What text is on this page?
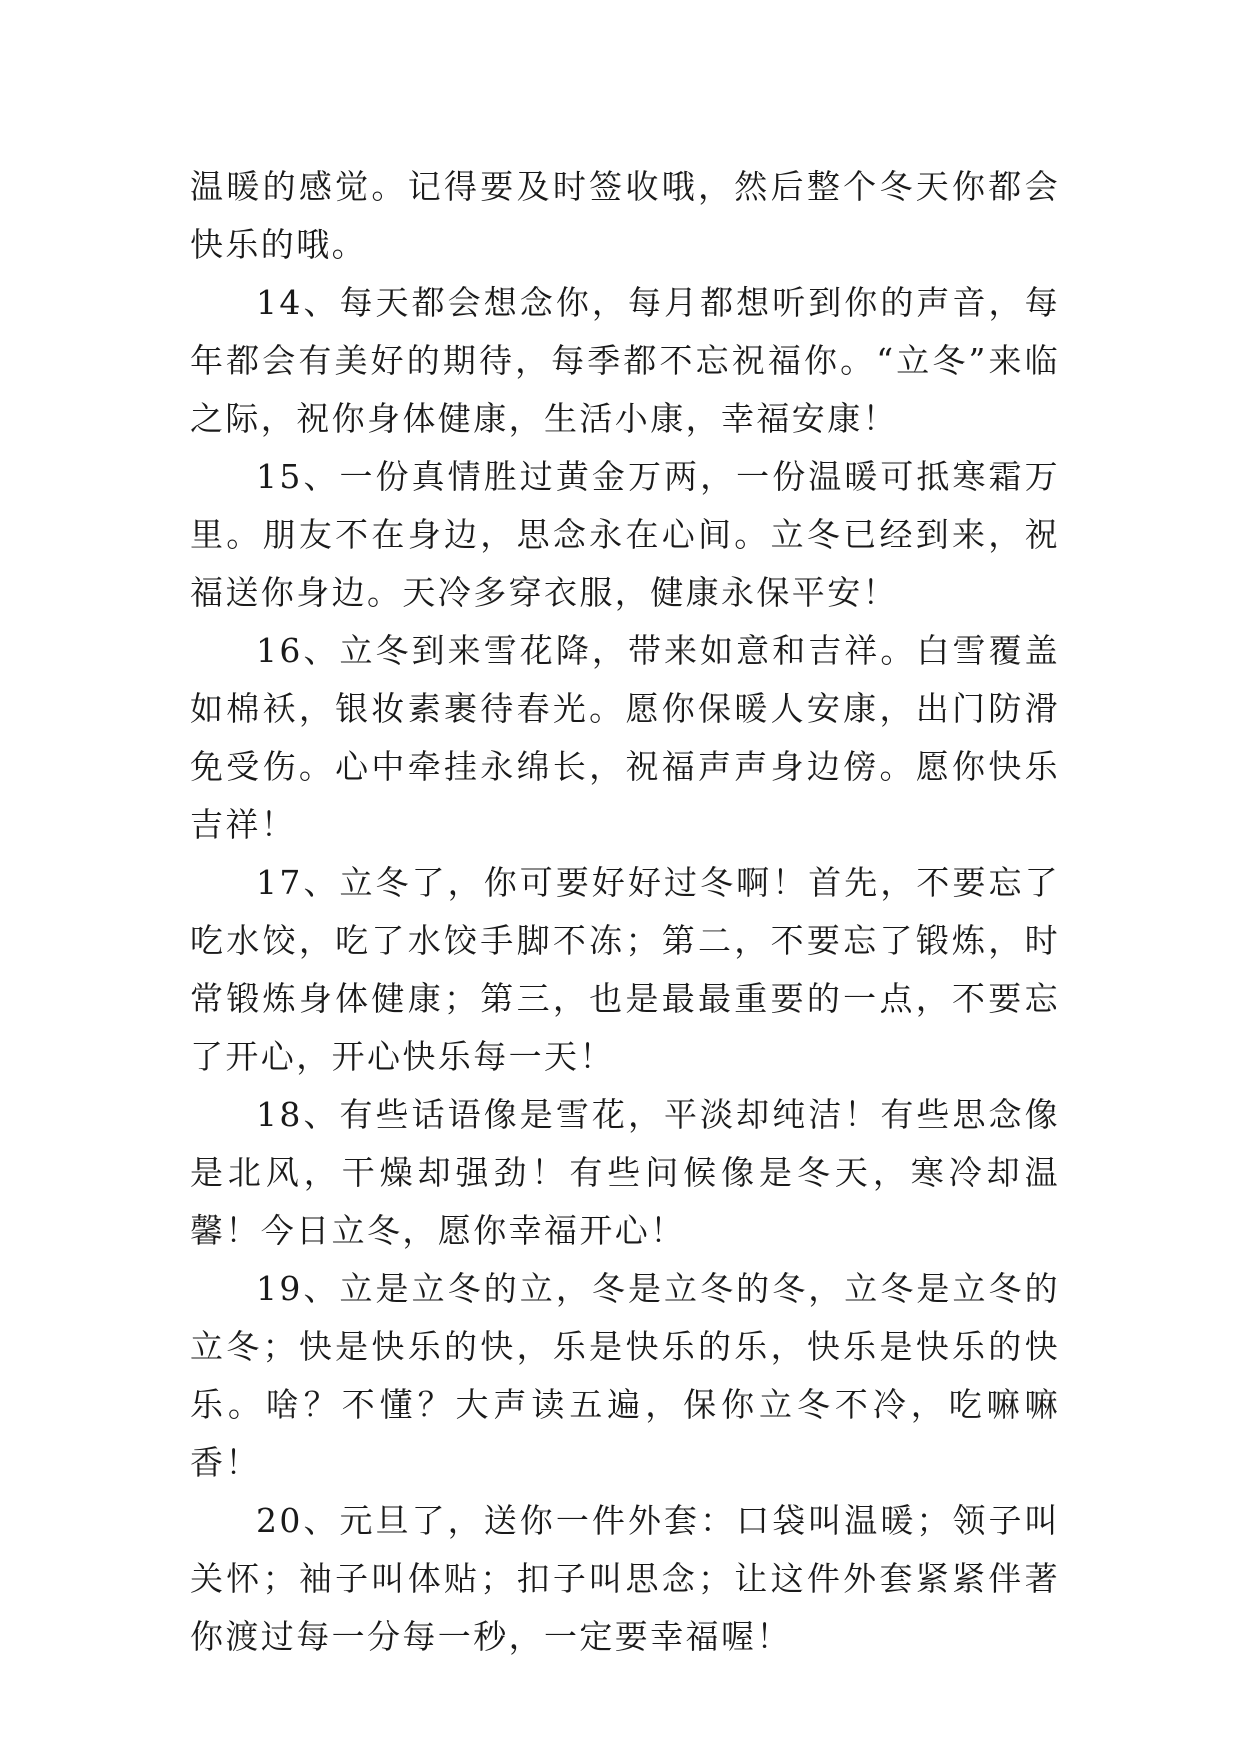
温暖的感觉。记得要及时签收哦，然后整个冬天你都会快乐的哦。

14、每天都会想念你，每月都想听到你的声音，每年都会有美好的期待，每季都不忘祝福你。“立冬”来临之际，祝你身体健康，生活小康，幸福安康！

15、一份真情胜过黄金万两，一份温暖可抵寒霜万里。朋友不在身边，思念永在心间。立冬已经到来，祝福送你身边。天冷多穿衣服，健康永保平安！

16、立冬到来雪花降，带来如意和吉祥。白雪覆盖如棉袄，银妆素裹待春光。愿你保暖人安康，出门防滑免受伤。心中牵挂永绵长，祝福声声身边傍。愿你快乐吉祥！

17、立冬了，你可要好好过冬啊！首先，不要忘了吃水饺，吃了水饺手脚不冻；第二，不要忘了锻炼，时常锻炼身体健康；第三，也是最最重要的一点，不要忘了开心，开心快乐每一天！

18、有些话语像是雪花，平淡却纯洁！有些思念像是北风，干燥却强劲！有些问候像是冬天，寒冷却温馨！今日立冬，愿你幸福开心！

19、立是立冬的立，冬是立冬的冬，立冬是立冬的立冬；快是快乐的快，乐是快乐的乐，快乐是快乐的快乐。啥？不懂？大声读五遍，保你立冬不冷，吃嘛嘛香！

20、元旦了，送你一件外套：口袋叫温暖；领子叫关怀；袖子叫体贴；扣子叫思念；让这件外套紧紧伴著你渡过每一分每一秒，一定要幸福喔！
